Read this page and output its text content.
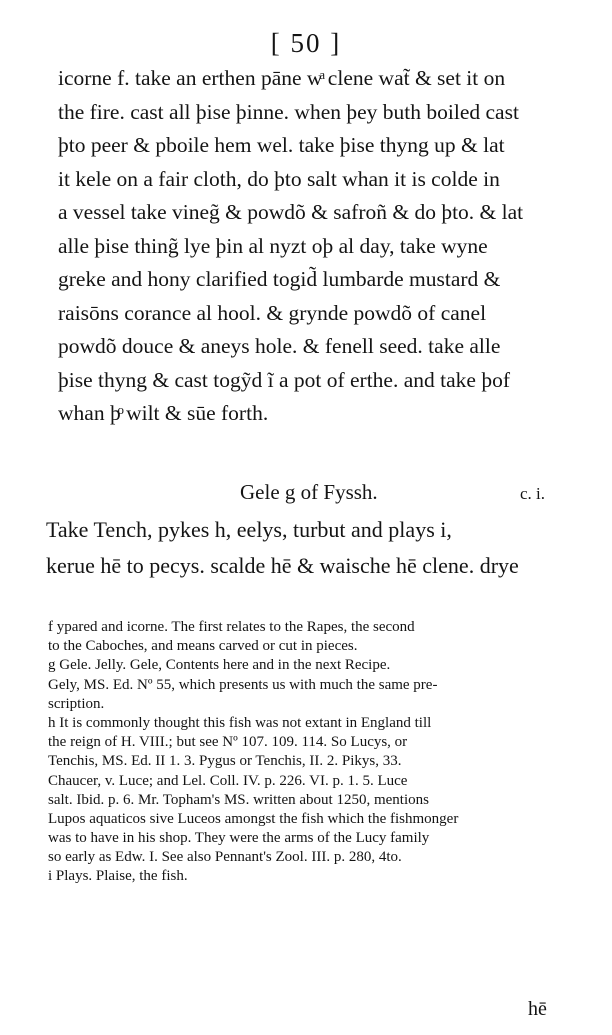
[ 50 ]
icorne f. take an erthen pāne wͣ clene wat̃ & set it on
the fire. cast all þise þinne. when þey buth boiled cast
þto peer & pboile hem wel. take þise thyng up & lat
it kele on a fair cloth, do þto salt whan it is colde in
a vessel take vineg̃ & powdõ & safroñ & do þto. & lat
alle þise thing̃ lye þin al nyzt oþ al day, take wyne
greke and hony clarified togid̃ lumbarde mustard &
raisōns corance al hool. & grynde powdõ of canel
powdõ douce & aneys hole. & fenell seed. take alle
þise thyng & cast togỹd ĩ a pot of erthe. and take þof
whan þͦ wilt & sūe forth.
Gele g of Fyssh.	c. i.
Take Tench, pykes h, eelys, turbut and plays i,
kerue hē to pecys. scalde hē & waische hē clene. drye
f ypared and icorne. The first relates to the Rapes, the second
to the Caboches, and means carved or cut in pieces.
g Gele. Jelly. Gele, Contents here and in the next Recipe.
Gely, MS. Ed. Nº 55, which presents us with much the same pre-
scription.
h It is commonly thought this fish was not extant in England till
the reign of H. VIII.; but see Nº 107. 109. 114. So Lucys, or
Tenchis, MS. Ed. II 1. 3. Pygus or Tenchis, II. 2. Pikys, 33.
Chaucer, v. Luce; and Lel. Coll. IV. p. 226. VI. p. 1. 5. Luce
salt. Ibid. p. 6. Mr. Topham's MS. written about 1250, mentions
Lupos aquaticos sive Luceos amongst the fish which the fishmonger
was to have in his shop. They were the arms of the Lucy family
so early as Edw. I. See also Pennant's Zool. III. p. 280, 4to.
i Plays. Plaise, the fish.
hē
